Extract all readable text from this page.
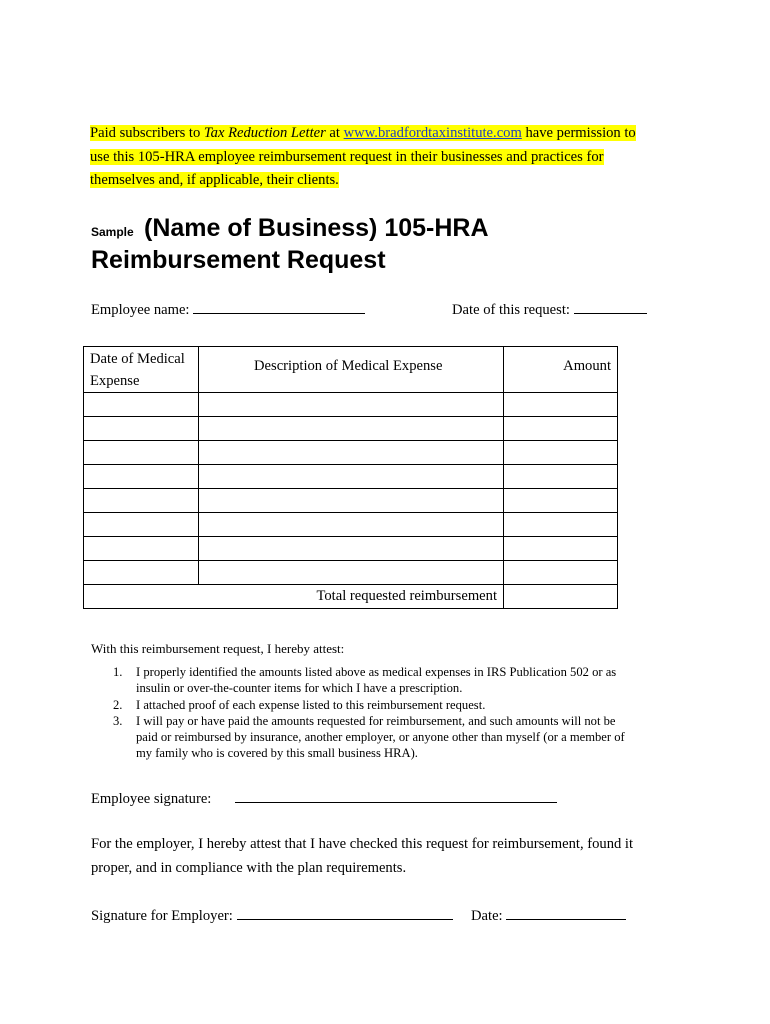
Paid subscribers to Tax Reduction Letter at www.bradfordtaxinstitute.com have permission to
use this 105-HRA employee reimbursement request in their businesses and practices for
themselves and, if applicable, their clients.
Sample (Name of Business) 105-HRA
Reimbursement Request
Employee name:	Date of this request:
Date of Medical
Expense	Description of Medical Expense	Amount

Total requested reimbursement		
With this reimbursement request, I hereby attest:
1. I properly identified the amounts listed above as medical expenses in IRS Publication 502 or as
insulin or over-the-counter items for which I have a prescription.
2. I attached proof of each expense listed to this reimbursement request.
3. I will pay or have paid the amounts requested for reimbursement, and such amounts will not be
paid or reimbursed by insurance, another employer, or anyone other than myself (or a member of
my family who is covered by this small business HRA).
Employee signature:
For the employer, I hereby attest that I have checked this request for reimbursement, found it
proper, and in compliance with the plan requirements.
Signature for Employer:	Date:
